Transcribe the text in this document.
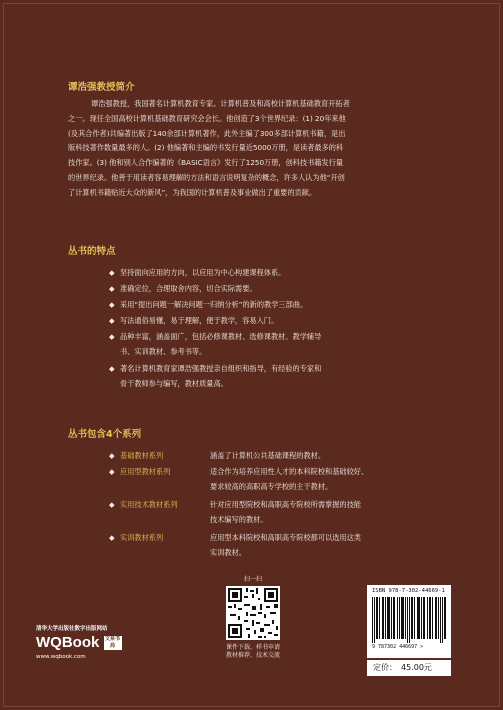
谭浩强教授简介
谭浩强教授，我国著名计算机教育专家。计算机普及和高校计算机基础教育开拓者
之一。现任全国高校计算机基础教育研究会会长。他创造了3个世界纪录：(1) 20年来他
(及其合作者)共编著出版了140余部计算机著作，此外主编了300多部计算机书籍，是出
版科技著作数量最多的人。(2) 他编著和主编的书发行量近5000万册，是读者最多的科
技作家。(3) 他和别人合作编著的《BASIC语言》发行了1250万册，创科技书籍发行量
的世界纪录。他善于用读者容易理解的方法和语言说明复杂的概念，许多人认为他“开创
了计算机书籍贴近大众的新风”，为我国的计算机普及事业做出了重要的贡献。
丛书的特点
◆ 坚持面向应用的方向，以应用为中心构建课程体系。
◆ 准确定位，合理取舍内容，切合实际需要。
◆ 采用“提出问题一解决问题一归纳分析”的新的教学三部曲。
◆ 写法通俗易懂，易于理解，便于教学，容易入门。
◆ 品种丰富，涵盖面广，包括必修课教材、选修课教材、教学辅导
书、实训教材、参考书等。
◆ 著名计算机教育家谭浩强教授亲自组织和指导，有经验的专家和
骨干教师参与编写，教材质量高。
丛书包含4个系列
◆ 基础教材系列	涵盖了计算机公共基础课程的教材。
◆ 应用型教材系列	适合作为培养应用性人才的本科院校和基础较好、
要求较高的高职高专学校的主干教材。
◆ 实用技术教材系列	针对应用型院校和高职高专院校所需掌握的技能
技术编写的教材。
◆ 实训教材系列	应用型本科院校和高职高专院校都可以选用这类
实训教材。
扫一扫
课件下载、样书申请
教材推荐、技术交流
清华大学出版社数字出版网站
WQBook 文泉书局
www.wqbook.com
ISBN 978-7-302-44669-1
9 787302 446697 >
定价： 45.00元
